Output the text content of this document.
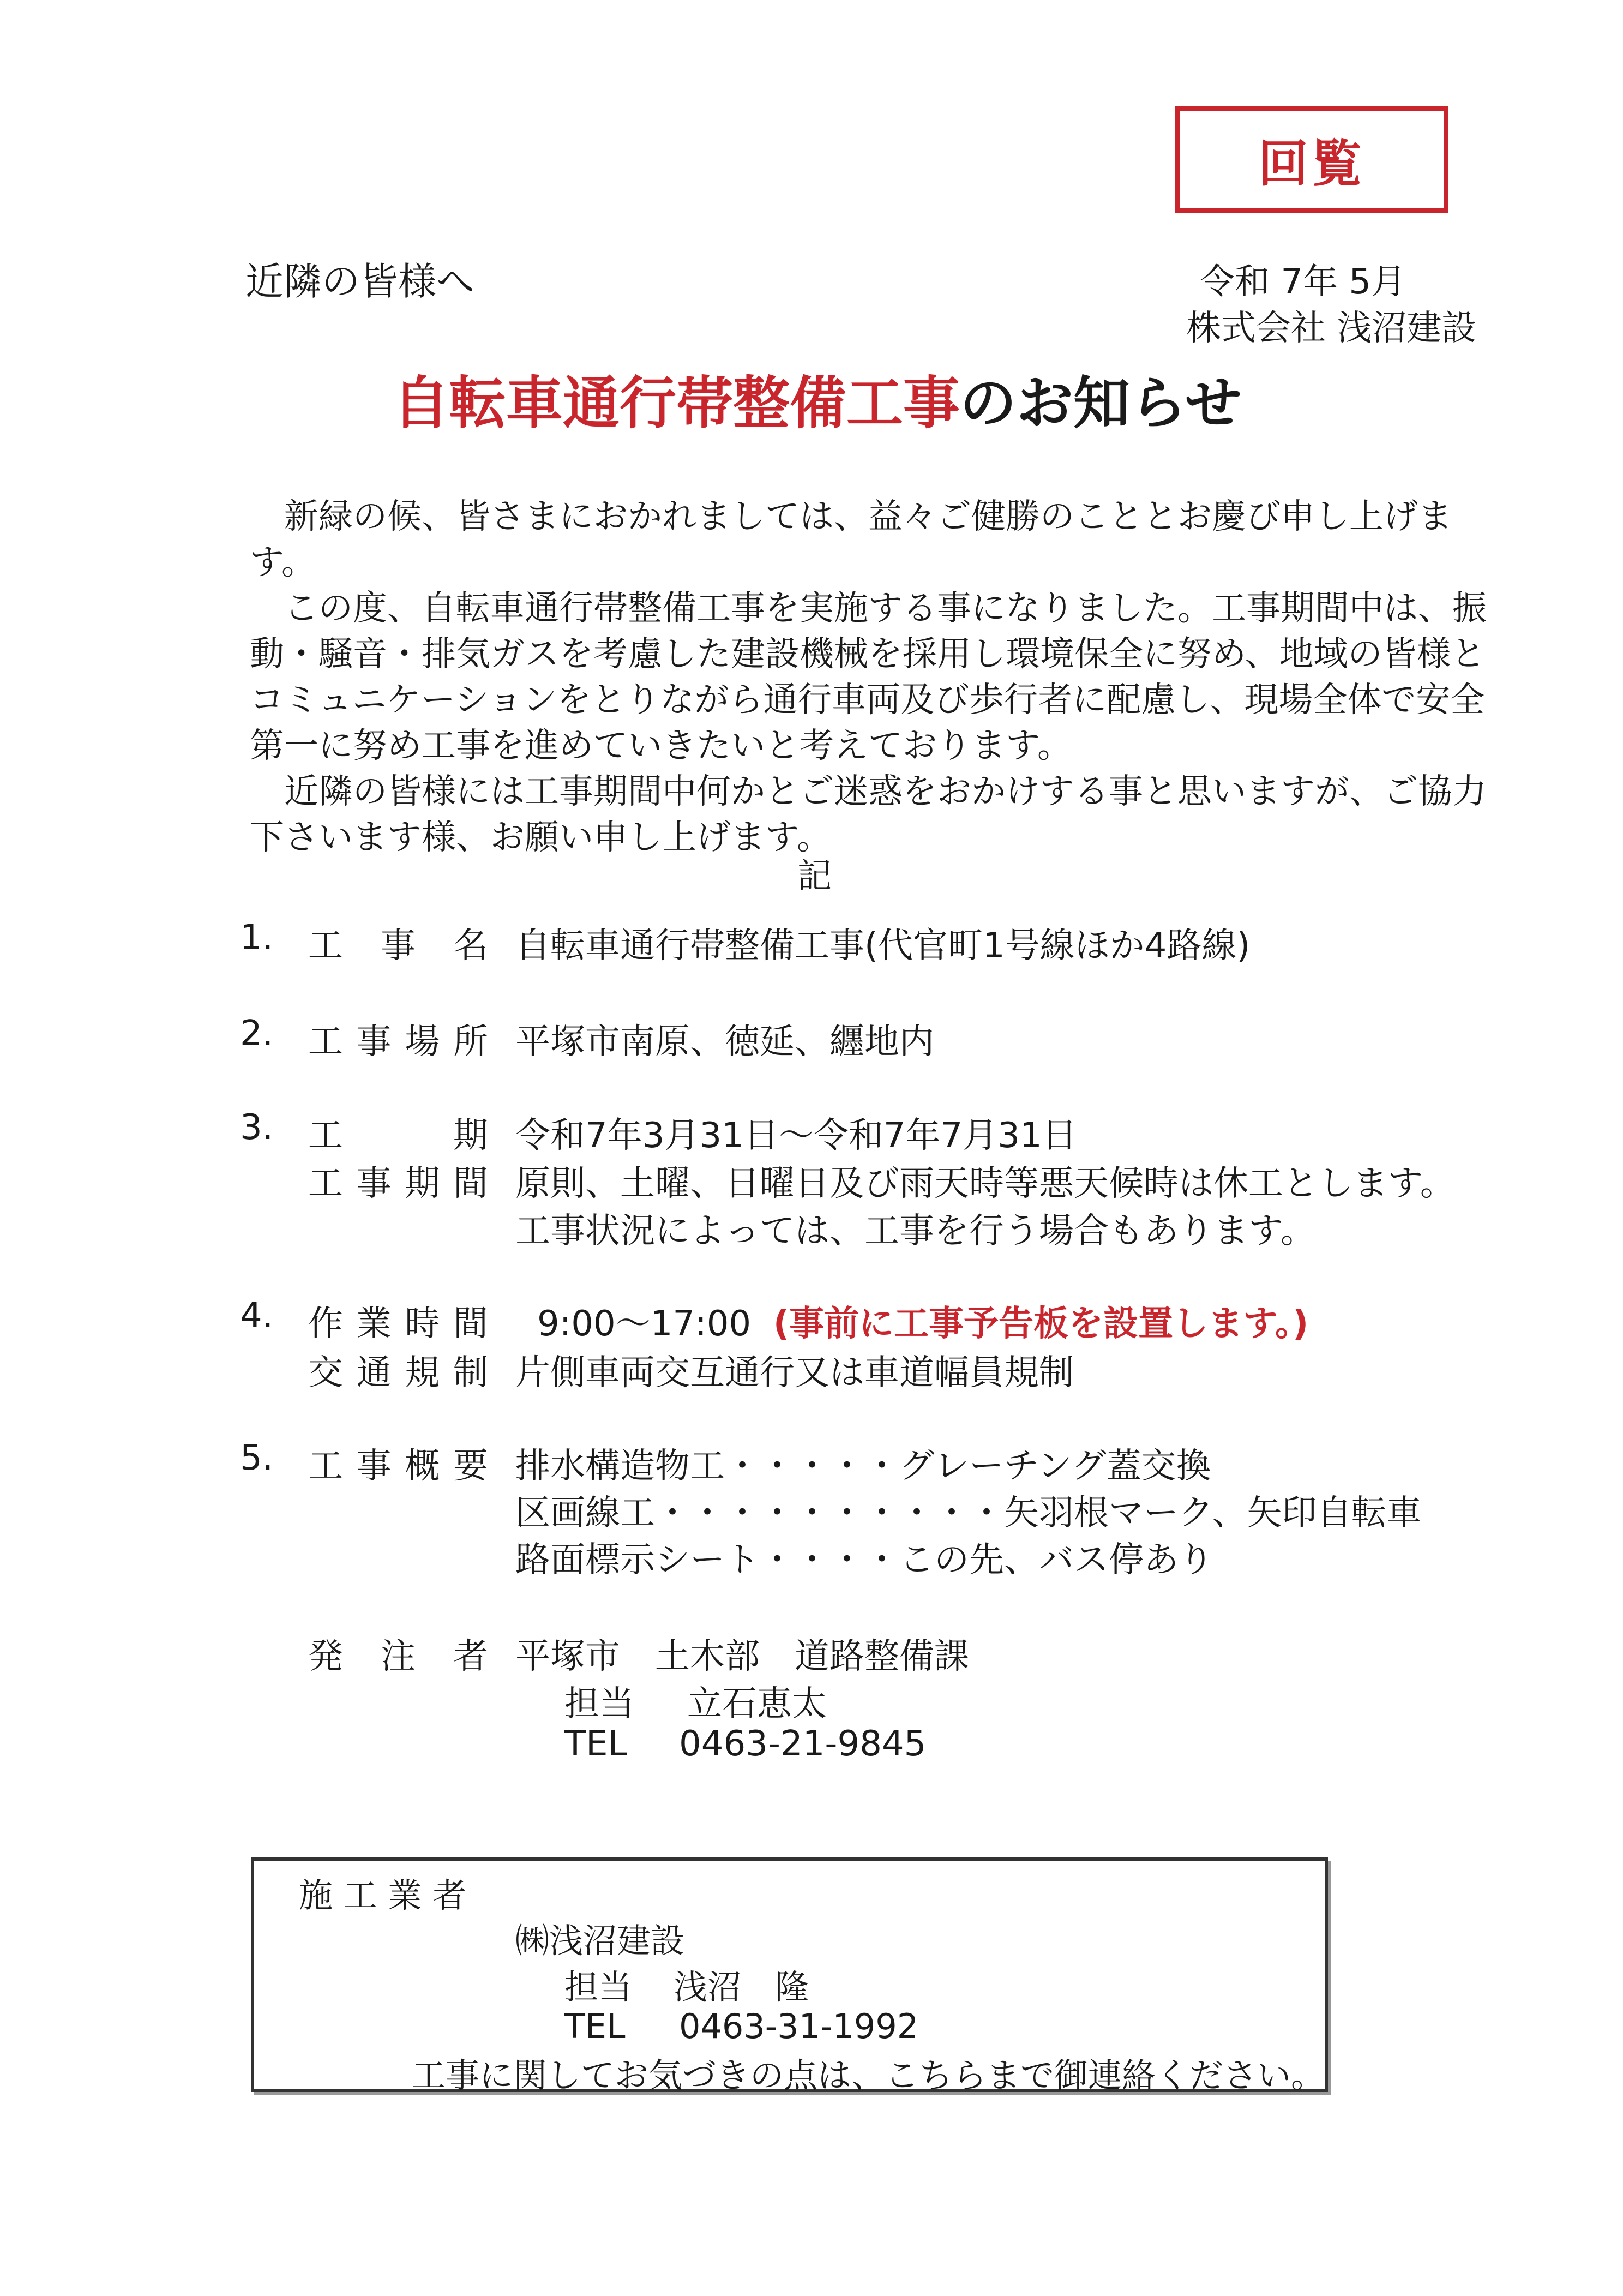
回覧
近隣の皆様へ	令和 7年 5月
株式会社 浅沼建設
自転車通行帯整備工事のお知らせ

新緑の候、皆さまにおかれましては、益々ご健勝のこととお慶び申し上げます。

この度、自転車通行帯整備工事を実施する事になりました。工事期間中は、振動・騒音・排気ガスを考慮した建設機械を採用し環境保全に努め、地域の皆様とコミュニケーションをとりながら通行車両及び歩行者に配慮し、現場全体で安全第一に努め工事を進めていきたいと考えております。

近隣の皆様には工事期間中何かとご迷惑をおかけする事と思いますが、ご協力下さいます様、お願い申し上げます。

記
1. 工 事 名 自転車通行帯整備工事(代官町1号線ほか4路線)
2. 工 事 場 所 平塚市南原、徳延、纒地内
3. 工	期 令和7年3月31日～令和7年7月31日
工 事 期 間 原則、土曜、日曜日及び雨天時等悪天候時は休工とします。
工事状況によっては、工事を行う場合もあります。
4. 作 業 時 間 9:00～17:00 (事前に工事予告板を設置します。)
交 通 規 制 片側車両交互通行又は車道幅員規制
5. 工 事 概 要 排水構造物工・・・・・グレーチング蓋交換
区画線工・・・・・・・・・・矢羽根マーク、矢印自転車
路面標示シート・・・・この先、バス停あり
発 注 者 平塚市　土木部　道路整備課
担当 立石恵太
TEL 0463-21-9845
施 工 業 者
㈱浅沼建設
担当 浅沼　隆
TEL 0463-31-1992
工事に関してお気づきの点は、こちらまで御連絡ください。
